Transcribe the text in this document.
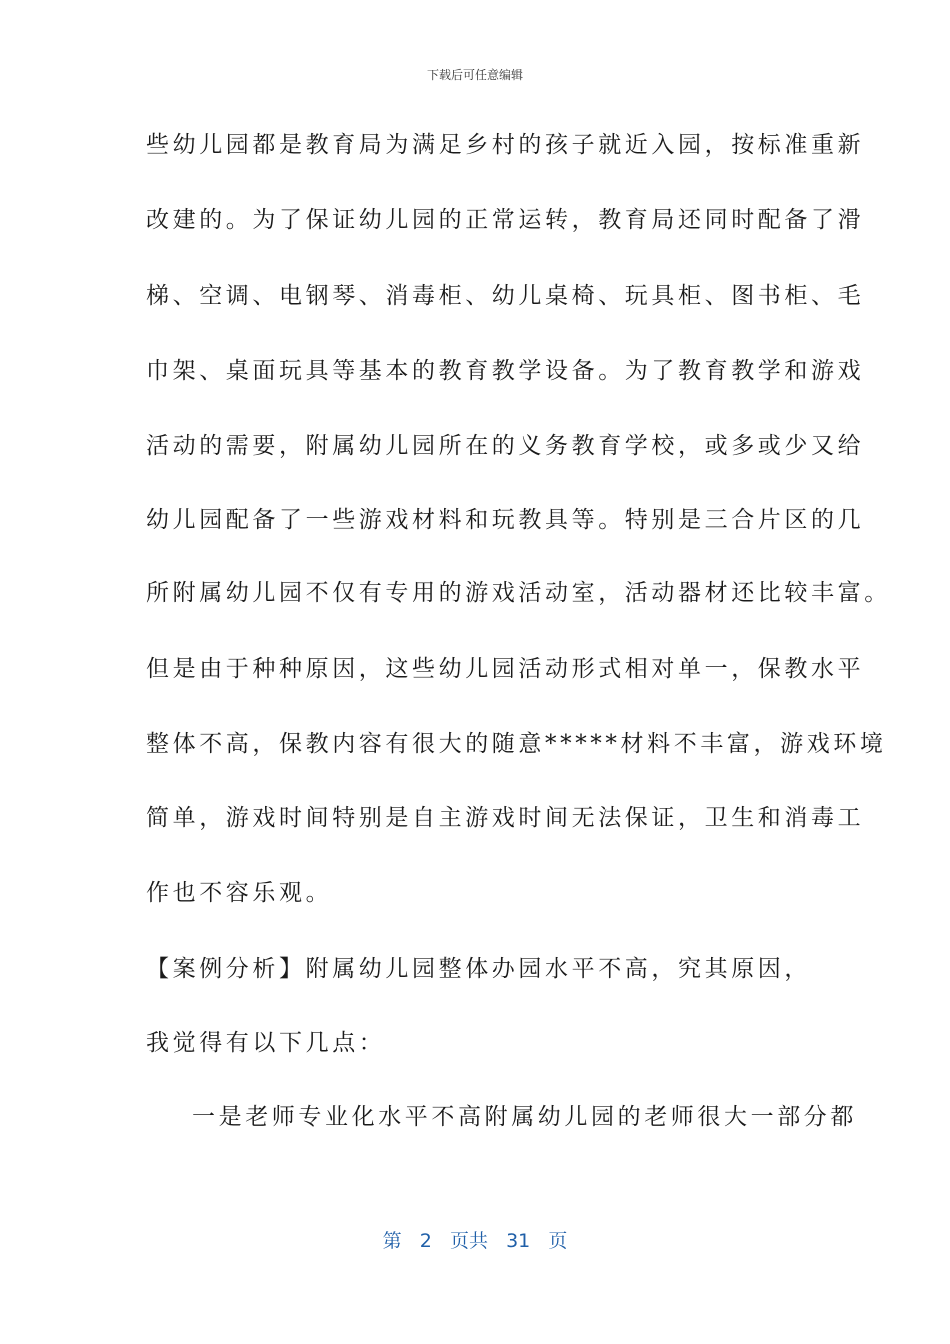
下载后可任意编辑
些幼儿园都是教育局为满足乡村的孩子就近入园，按标准重新
改建的。为了保证幼儿园的正常运转，教育局还同时配备了滑
梯、空调、电钢琴、消毒柜、幼儿桌椅、玩具柜、图书柜、毛
巾架、桌面玩具等基本的教育教学设备。为了教育教学和游戏
活动的需要，附属幼儿园所在的义务教育学校，或多或少又给
幼儿园配备了一些游戏材料和玩教具等。特别是三合片区的几
所附属幼儿园不仅有专用的游戏活动室，活动器材还比较丰富。
但是由于种种原因，这些幼儿园活动形式相对单一，保教水平
整体不高，保教内容有很大的随意*****材料不丰富，游戏环境
简单，游戏时间特别是自主游戏时间无法保证，卫生和消毒工
作也不容乐观。
【案例分析】附属幼儿园整体办园水平不高，究其原因，
我觉得有以下几点：
一是老师专业化水平不高附属幼儿园的老师很大一部分都
第 2 页共 31 页
